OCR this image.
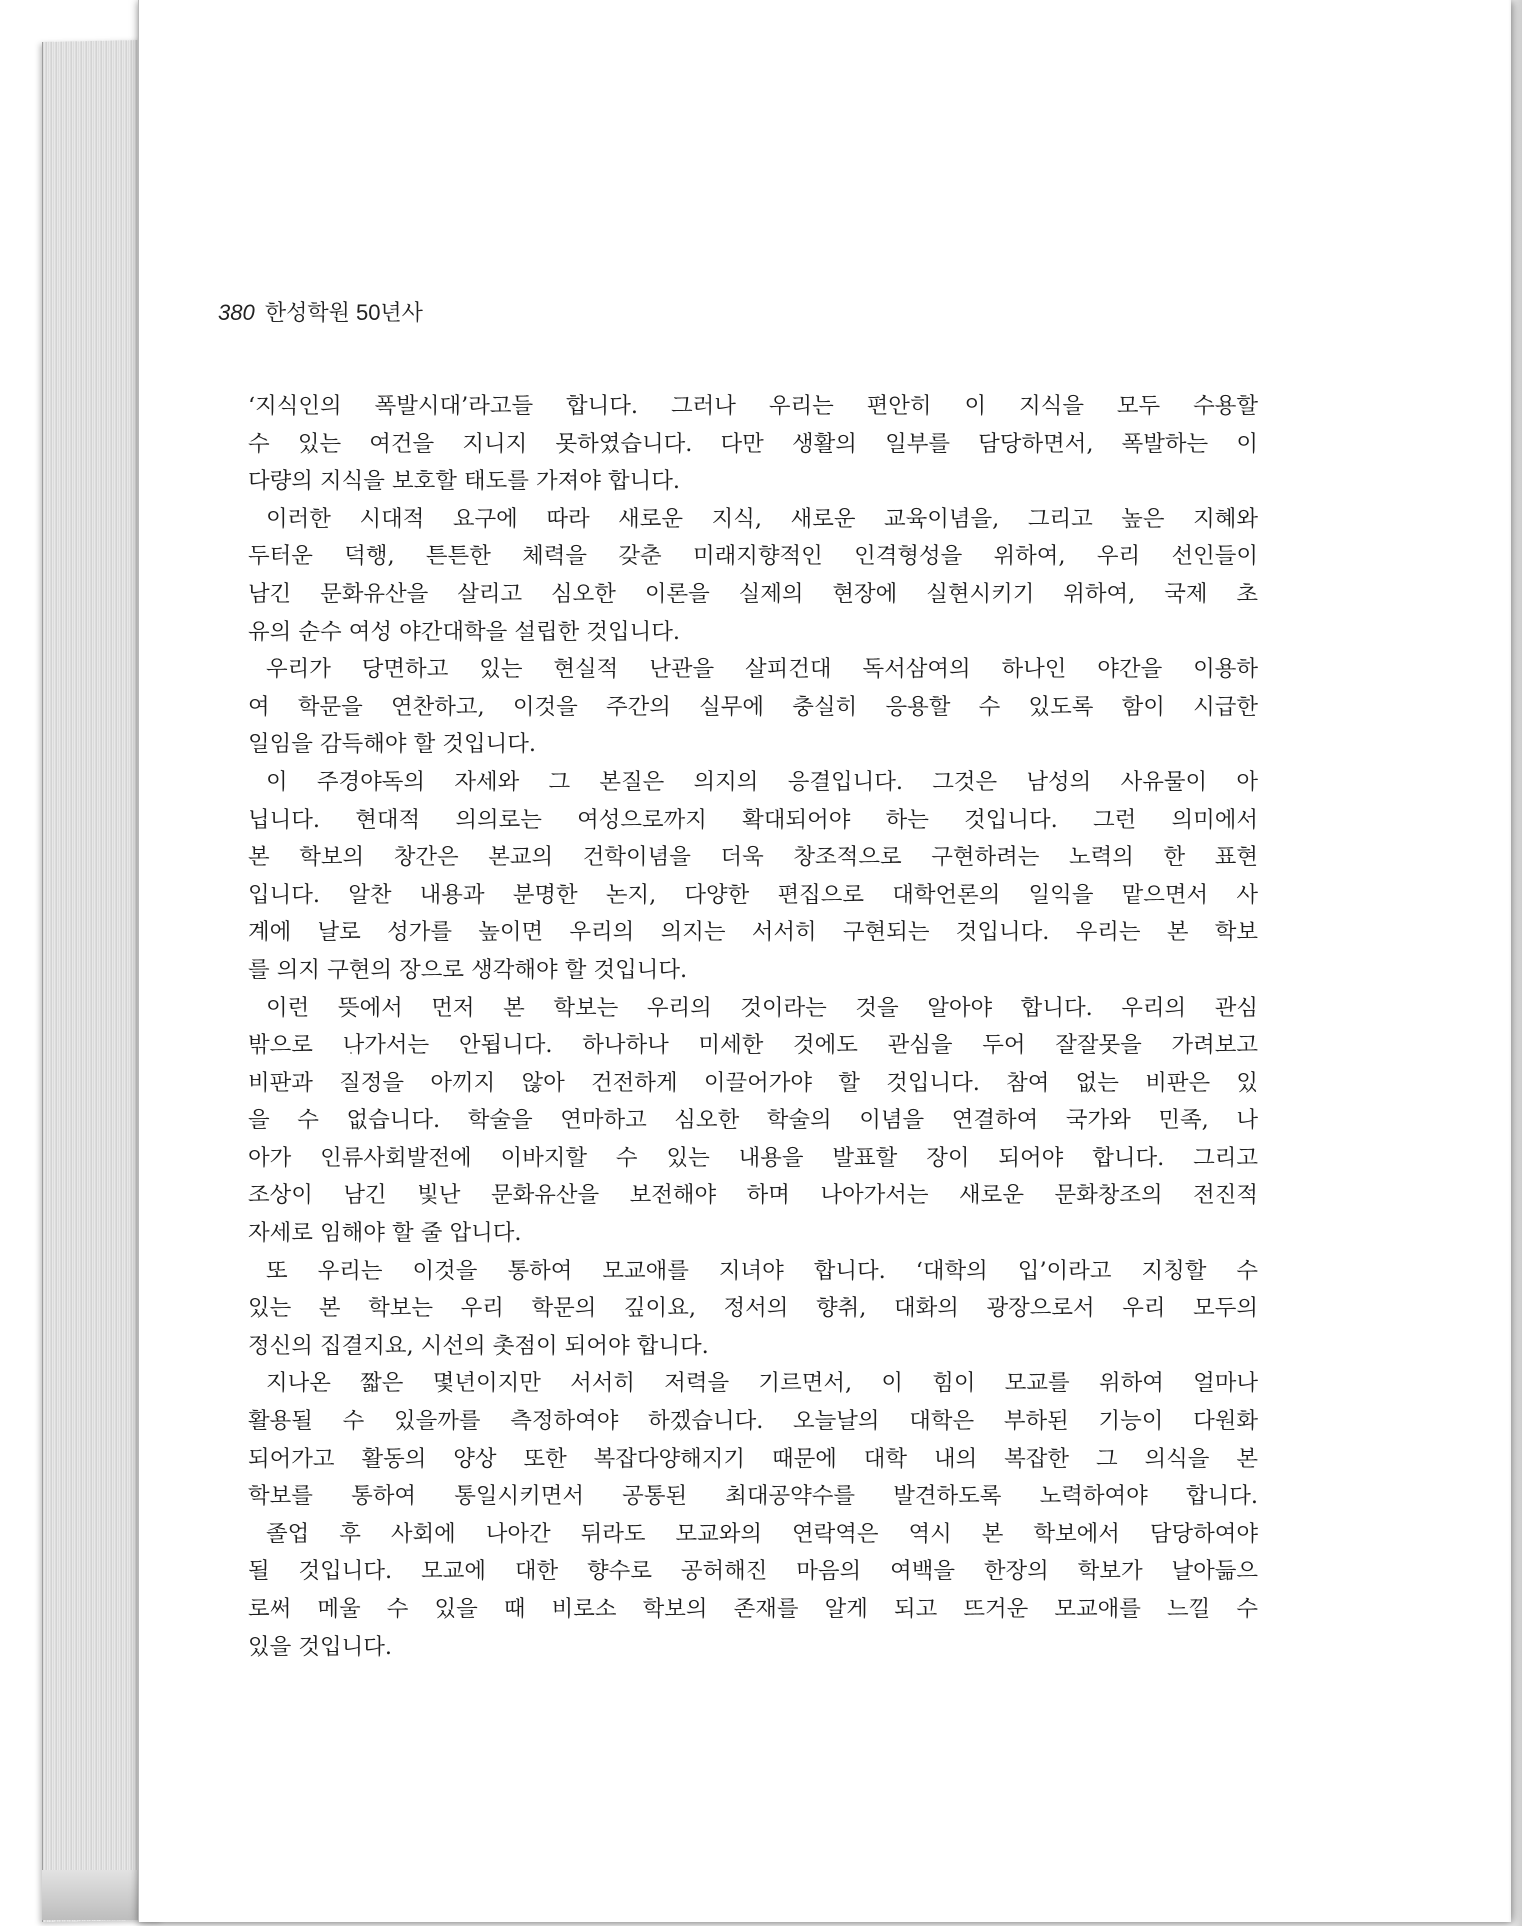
380 한성학원 50년사
‘지식인의 폭발시대’라고들 합니다. 그러나 우리는 편안히 이 지식을 모두 수용할
수 있는 여건을 지니지 못하였습니다. 다만 생활의 일부를 담당하면서, 폭발하는 이
다량의 지식을 보호할 태도를 가져야 합니다.
이러한 시대적 요구에 따라 새로운 지식, 새로운 교육이념을, 그리고 높은 지혜와
두터운 덕행, 튼튼한 체력을 갖춘 미래지향적인 인격형성을 위하여, 우리 선인들이
남긴 문화유산을 살리고 심오한 이론을 실제의 현장에 실현시키기 위하여, 국제 초
유의 순수 여성 야간대학을 설립한 것입니다.
우리가 당면하고 있는 현실적 난관을 살피건대 독서삼여의 하나인 야간을 이용하
여 학문을 연찬하고, 이것을 주간의 실무에 충실히 응용할 수 있도록 함이 시급한
일임을 감득해야 할 것입니다.
이 주경야독의 자세와 그 본질은 의지의 응결입니다. 그것은 남성의 사유물이 아
닙니다. 현대적 의의로는 여성으로까지 확대되어야 하는 것입니다. 그런 의미에서
본 학보의 창간은 본교의 건학이념을 더욱 창조적으로 구현하려는 노력의 한 표현
입니다. 알찬 내용과 분명한 논지, 다양한 편집으로 대학언론의 일익을 맡으면서 사
계에 날로 성가를 높이면 우리의 의지는 서서히 구현되는 것입니다. 우리는 본 학보
를 의지 구현의 장으로 생각해야 할 것입니다.
이런 뜻에서 먼저 본 학보는 우리의 것이라는 것을 알아야 합니다. 우리의 관심
밖으로 나가서는 안됩니다. 하나하나 미세한 것에도 관심을 두어 잘잘못을 가려보고
비판과 질정을 아끼지 않아 건전하게 이끌어가야 할 것입니다. 참여 없는 비판은 있
을 수 없습니다. 학술을 연마하고 심오한 학술의 이념을 연결하여 국가와 민족, 나
아가 인류사회발전에 이바지할 수 있는 내용을 발표할 장이 되어야 합니다. 그리고
조상이 남긴 빛난 문화유산을 보전해야 하며 나아가서는 새로운 문화창조의 전진적
자세로 임해야 할 줄 압니다.
또 우리는 이것을 통하여 모교애를 지녀야 합니다. ‘대학의 입’이라고 지칭할 수
있는 본 학보는 우리 학문의 깊이요, 정서의 향취, 대화의 광장으로서 우리 모두의
정신의 집결지요, 시선의 촛점이 되어야 합니다.
지나온 짧은 몇년이지만 서서히 저력을 기르면서, 이 힘이 모교를 위하여 얼마나
활용될 수 있을까를 측정하여야 하겠습니다. 오늘날의 대학은 부하된 기능이 다원화
되어가고 활동의 양상 또한 복잡다양해지기 때문에 대학 내의 복잡한 그 의식을 본
학보를 통하여 통일시키면서 공통된 최대공약수를 발견하도록 노력하여야 합니다.
졸업 후 사회에 나아간 뒤라도 모교와의 연락역은 역시 본 학보에서 담당하여야
될 것입니다. 모교에 대한 향수로 공허해진 마음의 여백을 한장의 학보가 날아듦으
로써 메울 수 있을 때 비로소 학보의 존재를 알게 되고 뜨거운 모교애를 느낄 수
있을 것입니다.
